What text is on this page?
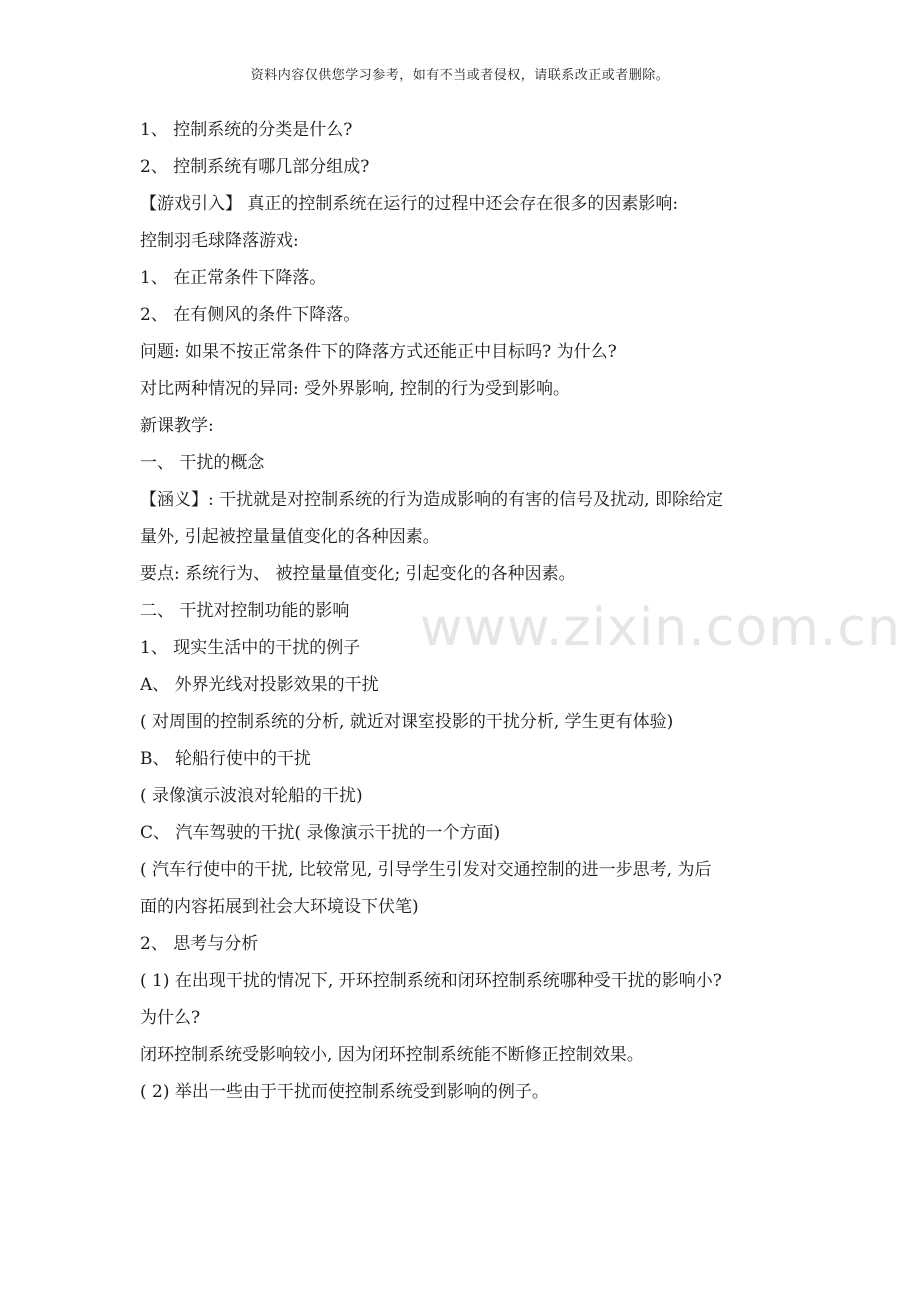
资料内容仅供您学习参考，如有不当或者侵权，请联系改正或者删除。
www.zixin.com.cn
1、 控制系统的分类是什么?
2、 控制系统有哪几部分组成?
【游戏引入】 真正的控制系统在运行的过程中还会存在很多的因素影响:
控制羽毛球降落游戏:
1、 在正常条件下降落。
2、 在有侧风的条件下降落。
问题: 如果不按正常条件下的降落方式还能正中目标吗? 为什么?
对比两种情况的异同: 受外界影响, 控制的行为受到影响。
新课教学:
一、 干扰的概念
【涵义】: 干扰就是对控制系统的行为造成影响的有害的信号及扰动, 即除给定
量外, 引起被控量量值变化的各种因素。
要点: 系统行为、 被控量量值变化; 引起变化的各种因素。
二、 干扰对控制功能的影响
1、 现实生活中的干扰的例子
A、 外界光线对投影效果的干扰
( 对周围的控制系统的分析, 就近对课室投影的干扰分析, 学生更有体验)
B、 轮船行使中的干扰
( 录像演示波浪对轮船的干扰)
C、 汽车驾驶的干扰( 录像演示干扰的一个方面)
( 汽车行使中的干扰, 比较常见, 引导学生引发对交通控制的进一步思考, 为后
面的内容拓展到社会大环境设下伏笔)
2、 思考与分析
( 1) 在出现干扰的情况下, 开环控制系统和闭环控制系统哪种受干扰的影响小?
为什么?
闭环控制系统受影响较小, 因为闭环控制系统能不断修正控制效果。
( 2) 举出一些由于干扰而使控制系统受到影响的例子。
